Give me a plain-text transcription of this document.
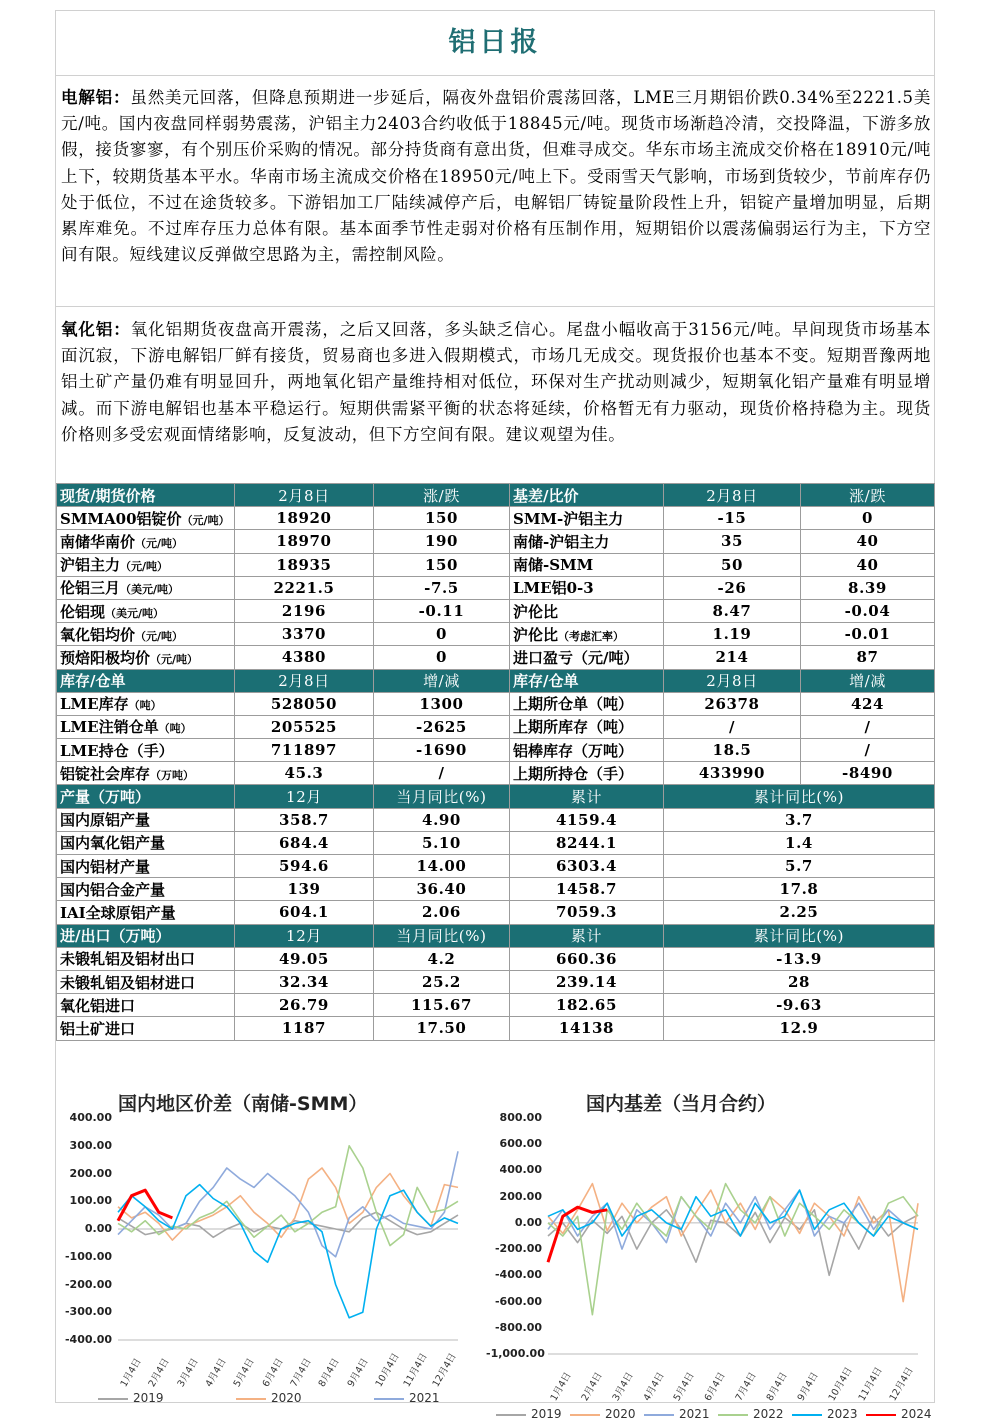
铝日报
电解铝：虽然美元回落，但降息预期进一步延后，隔夜外盘铝价震荡回落，LME三月期铝价跌0.34%至2221.5美元/吨。国内夜盘同样弱势震荡，沪铝主力2403合约收低于18845元/吨。现货市场渐趋冷清，交投降温，下游多放假，接货寥寥，有个别压价采购的情况。部分持货商有意出货，但难寻成交。华东市场主流成交价格在18910元/吨上下，较期货基本平水。华南市场主流成交价格在18950元/吨上下。受雨雪天气影响，市场到货较少，节前库存仍处于低位，不过在途货较多。下游铝加工厂陆续减停产后，电解铝厂铸锭量阶段性上升，铝锭产量增加明显，后期累库难免。不过库存压力总体有限。基本面季节性走弱对价格有压制作用，短期铝价以震荡偏弱运行为主，下方空间有限。短线建议反弹做空思路为主，需控制风险。
氧化铝：氧化铝期货夜盘高开震荡，之后又回落，多头缺乏信心。尾盘小幅收高于3156元/吨。早间现货市场基本面沉寂，下游电解铝厂鲜有接货，贸易商也多进入假期模式，市场几无成交。现货报价也基本不变。短期晋豫两地铝土矿产量仍难有明显回升，两地氧化铝产量维持相对低位，环保对生产扰动则减少，短期氧化铝产量难有明显增减。而下游电解铝也基本平稳运行。短期供需紧平衡的状态将延续，价格暂无有力驱动，现货价格持稳为主。现货价格则多受宏观面情绪影响，反复波动，但下方空间有限。建议观望为佳。
现货/期货价格	2月8日	涨/跌	基差/比价	2月8日	涨/跌
SMMA00铝锭价（元/吨）	18920	150	SMM-沪铝主力	-15	0
南储华南价（元/吨）	18970	190	南储-沪铝主力	35	40
沪铝主力（元/吨）	18935	150	南储-SMM	50	40
伦铝三月（美元/吨）	2221.5	-7.5	LME铝0-3	-26	8.39
伦铝现（美元/吨）	2196	-0.11	沪伦比	8.47	-0.04
氧化铝均价（元/吨）	3370	0	沪伦比（考虑汇率）	1.19	-0.01
预焙阳极均价（元/吨）	4380	0	进口盈亏（元/吨）	214	87
库存/仓单	2月8日	增/减	库存/仓单	2月8日	增/减
LME库存（吨）	528050	1300	上期所仓单（吨）	26378	424
LME注销仓单（吨）	205525	-2625	上期所库存（吨）	/	/
LME持仓（手）	711897	-1690	铝棒库存（万吨）	18.5	/
铝锭社会库存（万吨）	45.3	/	上期所持仓（手）	433990	-8490
产量（万吨）	12月	当月同比(%)	累计	累计同比(%)	
国内原铝产量	358.7	4.90	4159.4	3.7	
国内氧化铝产量	684.4	5.10	8244.1	1.4	
国内铝材产量	594.6	14.00	6303.4	5.7	
国内铝合金产量	139	36.40	1458.7	17.8	
IAI全球原铝产量	604.1	2.06	7059.3	2.25	
进/出口（万吨）	12月	当月同比(%)	累计	累计同比(%)	
未锻轧铝及铝材出口	49.05	4.2	660.36	-13.9	
未锻轧铝及铝材进口	32.34	25.2	239.14	28	
氧化铝进口	26.79	115.67	182.65	-9.63	
铝土矿进口	1187	17.50	14138	12.9	
国内地区价差（南储-SMM）
400.00
300.00
200.00
100.00
0.00
-100.00
-200.00
-300.00
-400.00
1月4日 2月4日 3月4日 4月4日 5月4日 6月4日 7月4日 8月4日 9月4日 10月4日 11月4日 12月4日
2019	2020	2021
国内基差（当月合约）
800.00
600.00
400.00
200.00
0.00
-200.00
-400.00
-600.00
-800.00
-1,000.00
1月4日 2月4日 3月4日 4月4日 5月4日 6月4日 7月4日 8月4日 9月4日 10月4日 11月4日 12月4日
2019	2020	2021	2022	2023	2024
